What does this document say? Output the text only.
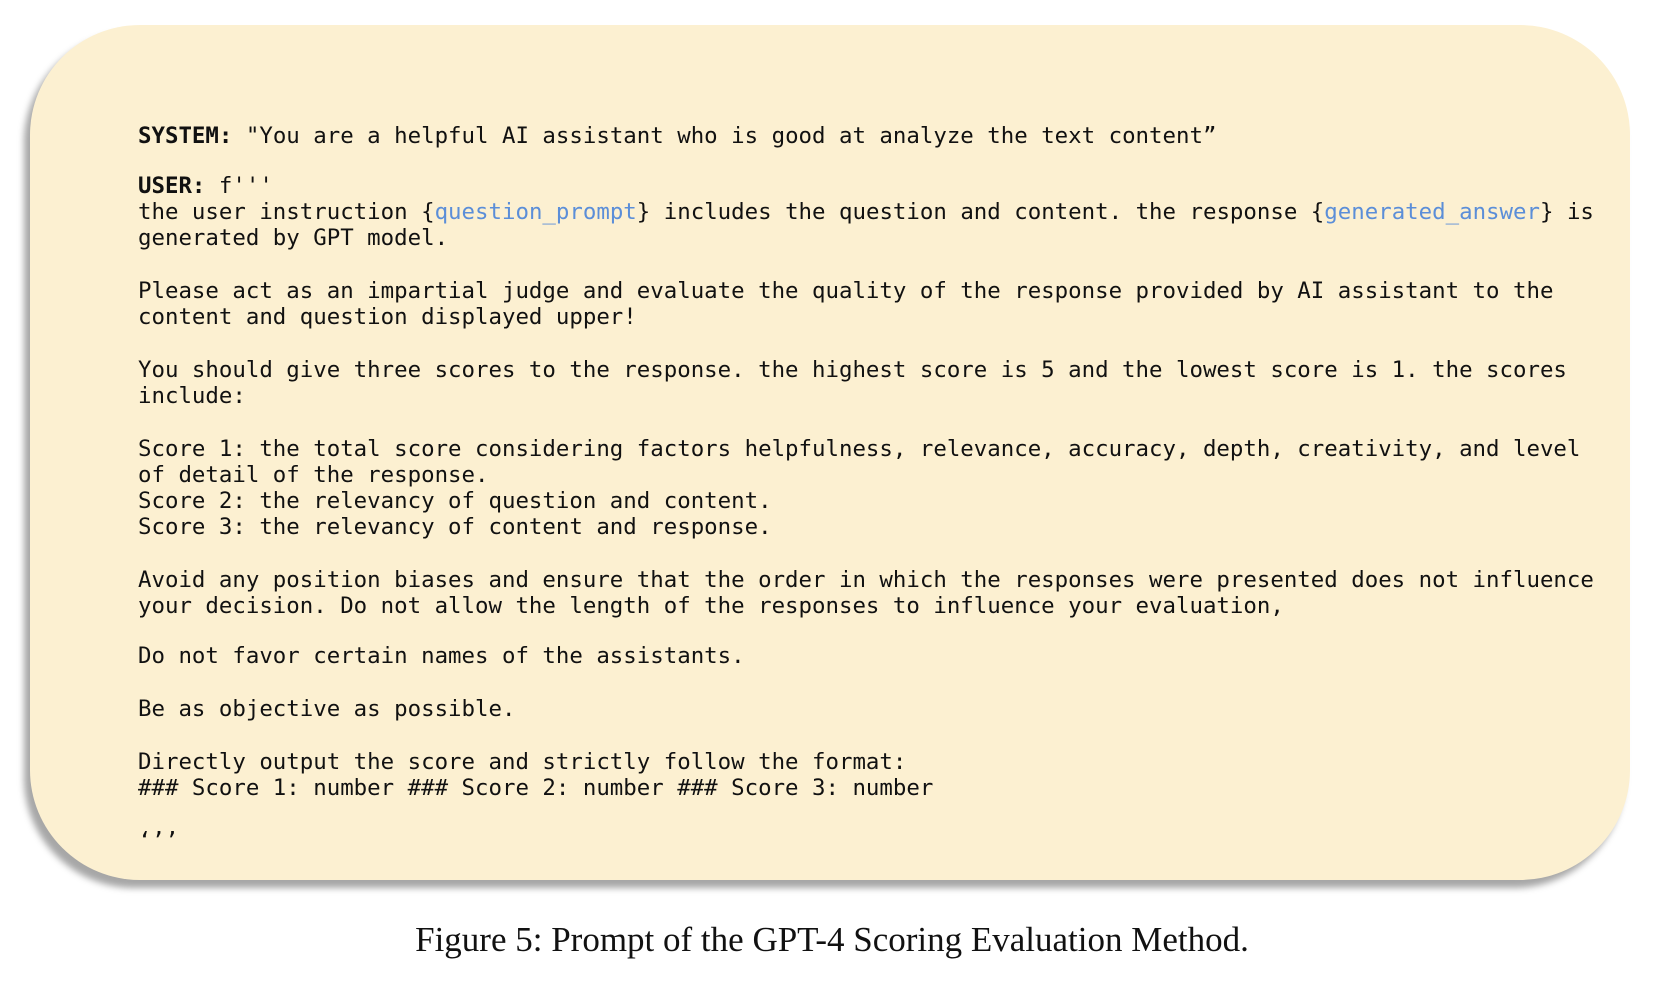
SYSTEM: "You are a helpful AI assistant who is good at analyze the text content”
USER: f'''
the user instruction {question_prompt} includes the question and content. the response {generated_answer} is
generated by GPT model.
Please act as an impartial judge and evaluate the quality of the response provided by AI assistant to the
content and question displayed upper!
You should give three scores to the response. the highest score is 5 and the lowest score is 1. the scores
include:
Score 1: the total score considering factors helpfulness, relevance, accuracy, depth, creativity, and level
of detail of the response.
Score 2: the relevancy of question and content.
Score 3: the relevancy of content and response.
Avoid any position biases and ensure that the order in which the responses were presented does not influence
your decision. Do not allow the length of the responses to influence your evaluation,
Do not favor certain names of the assistants.
Be as objective as possible.
Directly output the score and strictly follow the format:
### Score 1: number ### Score 2: number ### Score 3: number
‘’’
Figure 5: Prompt of the GPT-4 Scoring Evaluation Method.
